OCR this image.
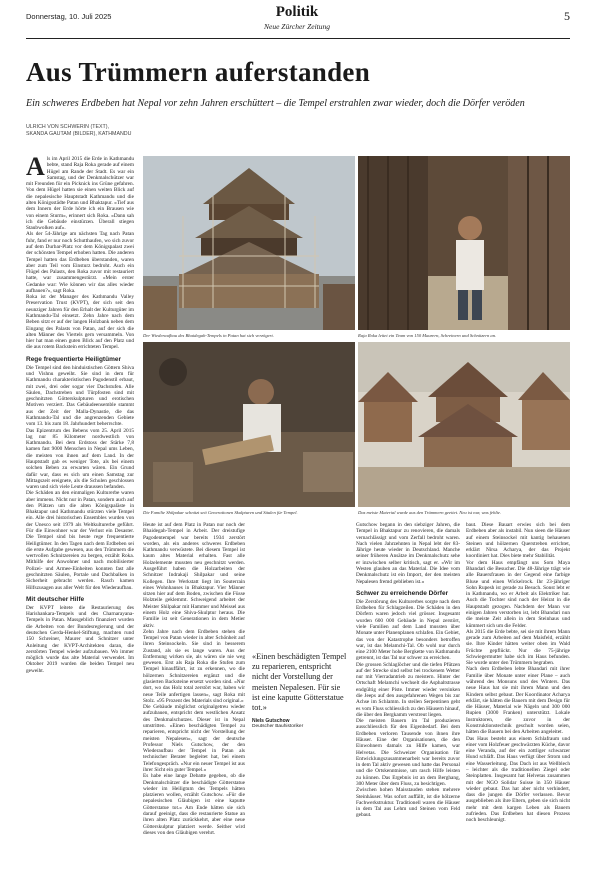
Donnerstag, 10. Juli 2025	Politik
Neue Zürcher Zeitung
5
Aus Trümmern auferstanden
Ein schweres Erdbeben hat Nepal vor zehn Jahren erschüttert – die Tempel erstrahlen zwar wieder, doch die Dörfer veröden
ULRICH VON SCHWERIN (TEXT),
SKANDA GAUTAM (BILDER), KATHMANDU

Als im April 2015 die Erde in Kathmandu bebte, stand Raja Roka gerade auf einem Hügel am Rande der Stadt. Es war ein Samstag, und der Denkmalschützer war mit Freunden für ein Picknick ins Grüne gefahren. Von dem Hügel hatten sie einen weiten Blick auf die nepalesische Hauptstadt Kathmandu und die alten Königsstädte Patan und Bhaktapur. «Tief aus dem Innern der Erde hörte ich ein Brausen wie von einem Sturm», erinnert sich Roka. «Dann sah ich die Gebäude einstürzen. Überall stiegen Staubwolken auf».

Als der 54-Jährige am nächsten Tag nach Patan fuhr, fand er nur noch Schutthaufen, wo sich zuvor auf dem Durbar-Platz vor dem Königspalast zwei der schönsten Tempel erhoben hatten. Die anderen Tempel hatten das Erdbeben überstanden, waren aber zum Teil vom Einsturz bedroht. Auch ein Flügel des Palasts, den Roka zuvor mit restauriert hatte, war zusammengestürzt. «Mein erster Gedanke war: Wie können wir das alles wieder aufbauen?», sagt Roka.

Roka ist der Manager des Kathmandu Valley Preservation Trust (KVPT), der sich seit den neunziger Jahren für den Erhalt der Kulturgüter im Kathmandu-Tal einsetzt. Zehn Jahre nach dem Beben sitzt er auf der langen Holzbank neben dem Eingang des Palasts von Patan, auf der sich die alten Männer des Viertels gern versammeln. Von hier hat man einen guten Blick auf den Platz und die aus rotem Backstein errichteten Tempel.

Rege frequentierte Heiligtümer

Die Tempel sind den hinduistischen Göttern Shiva und Vishnu geweiht. Sie sind in dem für Kathmandu charakteristischen Pagodenstil erbaut, mit zwei, drei oder sogar vier Dachstufen. Alle Säulen, Dachstreben und Türpfosten sind mit geschnitzten Götterskulpturen und erotischen Motiven verziert. Das Gebäudeensemble stammt aus der Zeit der Malla-Dynastie, die das Kathmandu-Tal und die angrenzenden Gebiete vom 13. bis zum 18. Jahrhundert beherrschte.

Das Epizentrum des Bebens vom 25. April 2015 lag nur 85 Kilometer nordwestlich von Kathmandu. Bei dem Erdstoss der Stärke 7,8 kamen fast 9000 Menschen in Nepal ums Leben, die meisten von ihnen auf dem Land. In der Hauptstadt gab es weniger Tote, als bei einem solchen Beben zu erwarten wären. Ein Grund dafür war, dass es sich um einen Samstag zur Mittagszeit ereignete, als die Schulen geschlossen waren und sich viele Leute draussen befanden.

Die Schäden an den einmaligen Kulturerbe waren aber immens. Nicht nur in Patan, sondern auch auf den Plätzen um die alten Königspaläste in Bhaktapur und Kathmandu stürzten viele Tempel ein. Alle drei historischen Ensembles wurden von der Unesco seit 1979 als Weltkulturerbe geführt. Für die Einwohner war der Verlust ein Desaster. Die Tempel sind bis heute rege frequentierte Heiligtümer. In den Tagen nach dem Erdbeben sei die erste Aufgabe gewesen, aus den Trümmern die wertvollen Schnitzereien zu bergen, erzählt Roka. Mithilfe der Anwohner und nach mobilisierter Polizei- und Armee-Einheiten konnten fast alle geschnitzten Säulen, Portale und Dachbalken in Sicherheit gebracht werden. Rasch kamen Hilfszusagen aus aller Welt für den Wiederaufbau.

Mit deutscher Hilfe

Der KVPT leitete die Restaurierung des Harishankara-Tempels und des Charnarayana-Tempels in Patan. Massgeblich finanziert wurden die Arbeiten von der Bundesregierung und der deutschen Gerda-Henkel-Stiftung, machten rund 150 Schreiner, Maurer und Schnitzer unter Anleitung der KVPT-Architekten daran, die zerstörten Tempel wieder aufzubauen. Wo immer möglich wurde das alte Material verwendet. Im Oktober 2019 wurden die beiden Tempel neu geweiht.

Der Wiederaufbau des Bhaidegah-Tempels in Patan hat sich verzögert.	Raja Roka leitet ein Team von 150 Maurern, Schreinern und Schnitzern an.
Die Familie Shilpakar schnitzt seit Generationen Skulpturen und Säulen für Tempel.	Das meiste Material wurde aus den Trümmern geettet. Neu ist nur, was fehlte.

Heute ist auf dem Platz in Patan nur noch der Bhaidegah-Tempel in Arbeit. Der dreistufige Pagodentempel war bereits 1934 zerstört worden, als ein anderes schweres Erdbeben Kathmandu verwüstete. Bei diesem Tempel ist kaum altes Material erhalten. Fast alle Holzelemente mussten neu geschnitzt werden. Ausgeführt haben die Holzarbeiten der Schnitzer Indrakaji Shilpakar und seine Kollegen. Ihre Werkstatt liegt im Souterrain eines Wohnhauses in Bhaktapur. Vier Männer sitzen hier auf dem Boden, zwischen die Füsse Holzteile geklemmt. Schweigend arbeitet der Meister Shilpakar mit Hammer und Meissel aus einem Holz eine Shiva-Skulptur heraus. Die Familie ist seit Generationen in dem Metier aktiv.

Zehn Jahre nach dem Erdbeben stehen die Tempel von Patan wieder in alter Schönheit auf ihren Steinsockeln. Sie sind in besserem Zustand, als sie es lange waren. Aus der Entfernung wirken sie, als wären sie nie weg gewesen. Erst als Raja Roka die Stufen zum Tempel hinauffährt, ist zu erkennen, wo die hölzernen Schnitzereien ergänzt und die glasierten Backsteine ersetzt worden sind. «Nur dort, wo das Holz total zerstört war, haben wir neue Teile anfertigen lassen», sagt Roka mit Stolz. «95 Prozent des Materials sind original.»

Die Gebäude möglichst originalgetreu wieder aufzubauen, entspricht dem westlichen Ansatz des Denkmalschutzes. Dieser ist in Nepal umstritten. «Einen beschädigten Tempel zu reparieren, entspricht nicht der Vorstellung der meisten Nepalesen», sagt der deutsche Professor Niels Gutschow, der den Wiederaufbau der Tempel in Patan als technischer Berater begleitet hat, bei einem Telefongespräch. «Nur ein neuer Tempel ist aus ihrer Sicht ein guter Tempel.»

Es habe eine lange Debatte gegeben, ob die Denkmalschützer die beschädigte Götterstatue wieder im Heiligtum des Tempels hätten platzieren wollen, erzählt Gutschow. «Für die nepalesischen Gläubigen ist eine kaputte Götterstatue tot.» Am Ende hätten sie sich darauf geeinigt, dass die restaurierte Statue an ihren alten Platz zurückkehrt, aber eine neue Götterskulptur platziert werde. Seither wird dieses von den Gläubigen verehrt.

«Einen beschädigten Tempel zu reparieren, entspricht nicht der Vorstellung der meisten Nepalesen. Für sie ist eine kaputte Götterstatue tot.»
Niels Gutschow
Deutscher Bauhistoriker

Gutschow begann in den siebziger Jahren, die Tempel in Bhaktapur zu renovieren, die damals vernachlässigt und vom Zerfall bedroht waren. Nach vielen Jahrzehnten in Nepal lebt der 83-Jährige heute wieder in Deutschland. Manche seiner früheren Ansätze im Denkmalschutz sehe er inzwischen selber kritisch, sagt er. «Wir im Westen glauben an das Material. Die Idee vom Denkmalschutz ist ein Import, der den meisten Nepalesen fremd geblieben ist.»

Schwer zu erreichende Dörfer

Die Zerstörung des Kulturerbes sorgte nach dem Erdbeben für Schlagzeilen. Die Schäden in den Dörfern waren jedoch viel grösser. Insgesamt wurden 600 000 Gebäude in Nepal zerstört, viele Familien auf dem Land mussten über Monate unter Planenplanen schlafen. Ein Gebiet, das von der Katastrophe besonders betroffen war, ist das Melamchi-Tal. Ob wohl nur durch eine 2100 Meter hohe Bergkette von Kathmandu getrennt, ist das Tal nur schwer zu erreichen.

Die grossen Schlaglöcher und die tiefen Pfützen auf der Strecke sind selbst bei trockenem Wetter nur mit Vierradantrieb zu meistern. Hinter der Ortschaft Melamchi wechselt die Asphaltstrasse endgültig einer Piste. Immer wieder versinken die Jeeps auf den ausgefahrenen Wegen bis zur Achse im Schlamm. In steilen Serpentinen geht es vom Fluss schliesslich zu den Häusern hinauf, die über den Bergkamm verstreut liegen.

Die meisten Bauern im Tal produzieren ausschliesslich für den Eigenbedarf. Bei dem Erdbeben verloren Tausende von ihnen ihre Häuser. Eine der Organisationen, die den Einwohnern damals zu Hilfe kamen, war Helvetas. Die Schweizer Organisation für Entwicklungszusammenarbeit war bereits zuvor in dem Tal aktiv gewesen und hatte das Personal und die Ortskenntnisse, um rasch Hilfe leisten zu können. Das Ergebnis ist an dem Berghang, 300 Meter über dem Fluss, zu besichtigen.

Zwischen hohen Maisstauden stehen mehrere Steinhäuser. Was sofort auffällt, ist die hölzerne Fachwerkstruktur. Traditionell waren die Häuser in dem Tal aus Lehm und Steinen vom Feld gebaut.

baut. Diese Bauart erwies sich bei dem Erdbeben aber als instabil. Nun sieen die Häuser auf einem Steinsockel mit kantig behauenen Steinen und hölzernen Querstreben errichtet, erklärt Nirsa Acharya, der das Projekt koordiniert hat. Dies biete mehr Stabilität.

Vor dem Haus empfängt uns Som Maya Bhandari die Besucher. Die 48-Jährige trägt wie alle Bauersfrauen in der Gegend eine farbige Bluse und einen Wickelrock. Ihr 23-jähriger Sohn Rupesh ist gerade zu Besuch. Sonst lebt er in Kathmandu, wo er Arbeit als Elektriker hat. Auch die Tochter sind nach der Heirat in die Hauptstadt gezogen. Nachdem der Mann vor einigen Jahren verstorben ist, lebt Bhandari nun die meiste Zeit allein in dem Steinhaus und kümmert sich um die Felder.

Als 2015 die Erde bebte, sei sie mit ihrem Mann gerade zum Arbeiten auf dem Maisfeld, erzählt sie. Ihre Kinder hätten weiter oben im Wald Früchte gepflückt. Nur die 75-jährige Schwiegermutter habe sich im Haus befunden. Sie wurde unter den Trümmern begraben.

Nach dem Erdbeben lebte Bhandari mit ihrer Familie über Monate unter einer Plane – auch während des Monsuns und des Winters. Das neue Haus hat sie mit ihrem Mann und den Kindern selbst gebaut. Der Koordinator Acharya erklärt, sie hätten die Bauern mit dem Design für die Häuser, Material wie Nägeln und 300 000 Rupien (3000 Franken) unterstützt. Lokale Instruktoren, die zuvor in der Konstruktionstechnik geschult worden seien, hätten die Bauern bei den Arbeiten angeleitet.

Das Haus besteht aus einem Schlafraum und einer vom Holzfeuer geschwärzten Küche, davor eine Veranda, auf der ein zottliger schwarzer Hund schläft. Das Haus verfügt über Strom und eine Wasserleitung. Das Dach ist aus Wellblech – leichter als die traditionellen Ziegel oder Steinplatten. Insgesamt hat Helvetas zusammen mit der NGO Solidar Suisse in 350 Häuser wieder gebaut. Das hat aber nicht verhindert, dass die jungen die Dörfer verlassen. Bevor ausgeblieben als ihre Eltern, geben sie sich nicht mehr mit dem kargen Leben als Bauern zufrieden. Das Erdbeben hat diesen Prozess noch beschleunigt.
